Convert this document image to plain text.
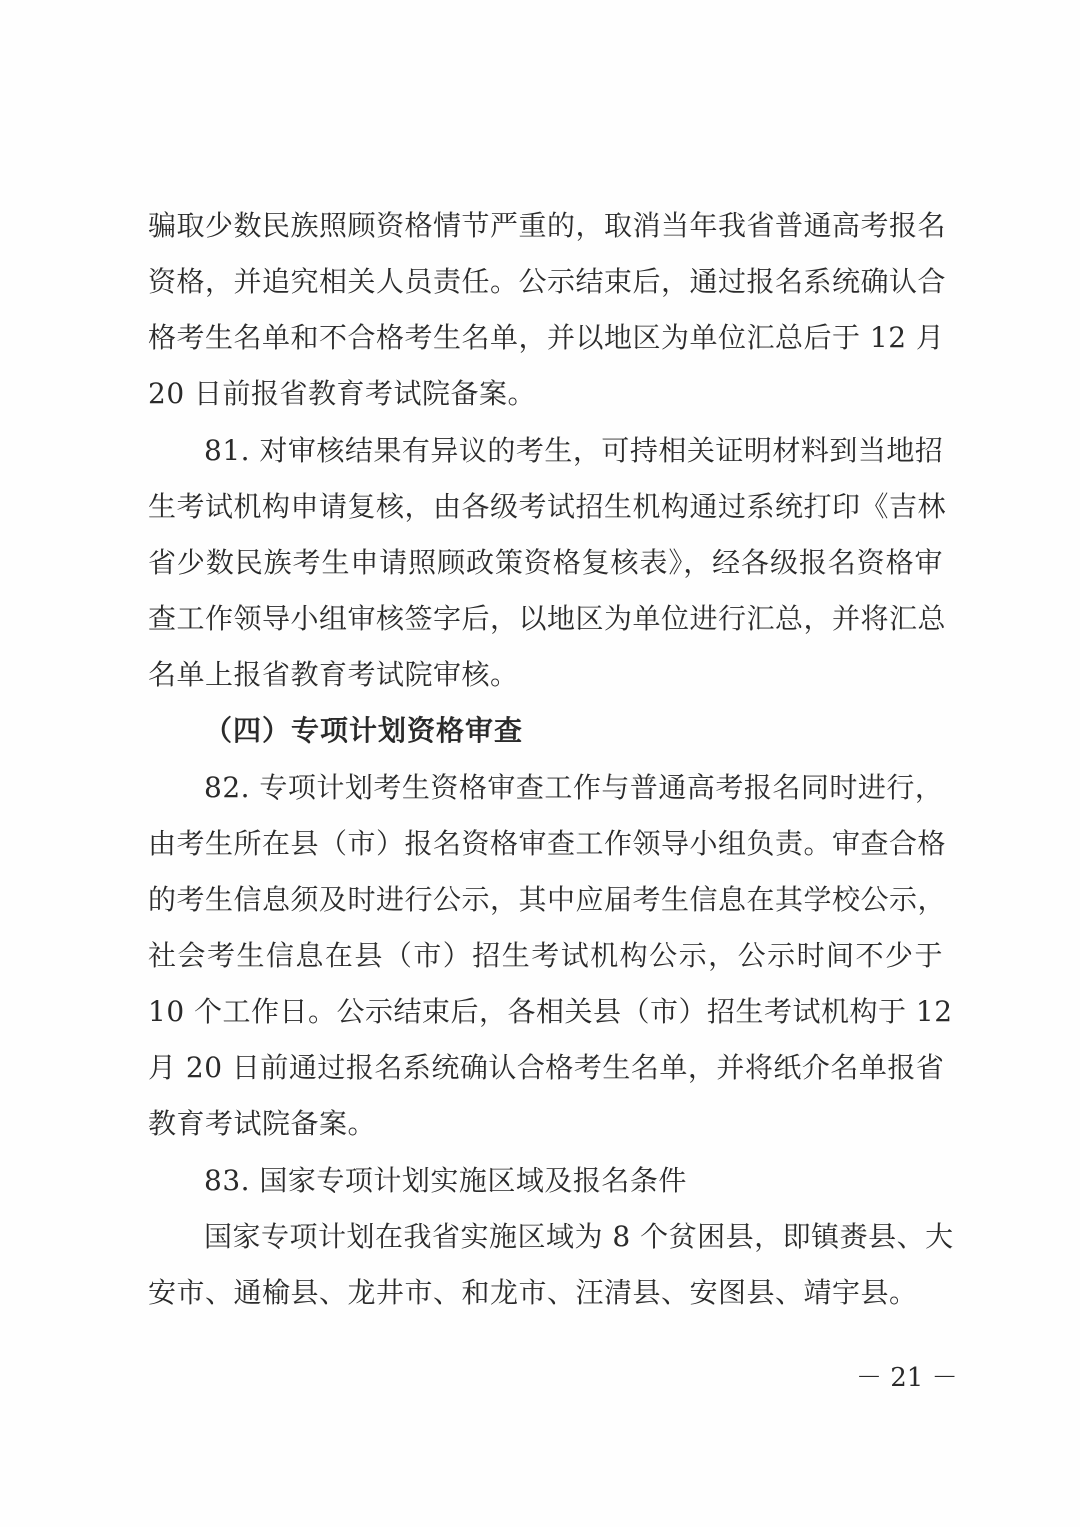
骗取少数民族照顾资格情节严重的，取消当年我省普通高考报名
资格，并追究相关人员责任。公示结束后，通过报名系统确认合
格考生名单和不合格考生名单，并以地区为单位汇总后于 12 月
20 日前报省教育考试院备案。
81. 对审核结果有异议的考生，可持相关证明材料到当地招
生考试机构申请复核，由各级考试招生机构通过系统打印《吉林
省少数民族考生申请照顾政策资格复核表》，经各级报名资格审
查工作领导小组审核签字后，以地区为单位进行汇总，并将汇总
名单上报省教育考试院审核。
（四）专项计划资格审查
82. 专项计划考生资格审查工作与普通高考报名同时进行，
由考生所在县（市）报名资格审查工作领导小组负责。审查合格
的考生信息须及时进行公示，其中应届考生信息在其学校公示，
社会考生信息在县（市）招生考试机构公示，公示时间不少于
10 个工作日。公示结束后，各相关县（市）招生考试机构于 12
月 20 日前通过报名系统确认合格考生名单，并将纸介名单报省
教育考试院备案。
83. 国家专项计划实施区域及报名条件
国家专项计划在我省实施区域为 8 个贫困县，即镇赉县、大
安市、通榆县、龙井市、和龙市、汪清县、安图县、靖宇县。
－ 21 －
